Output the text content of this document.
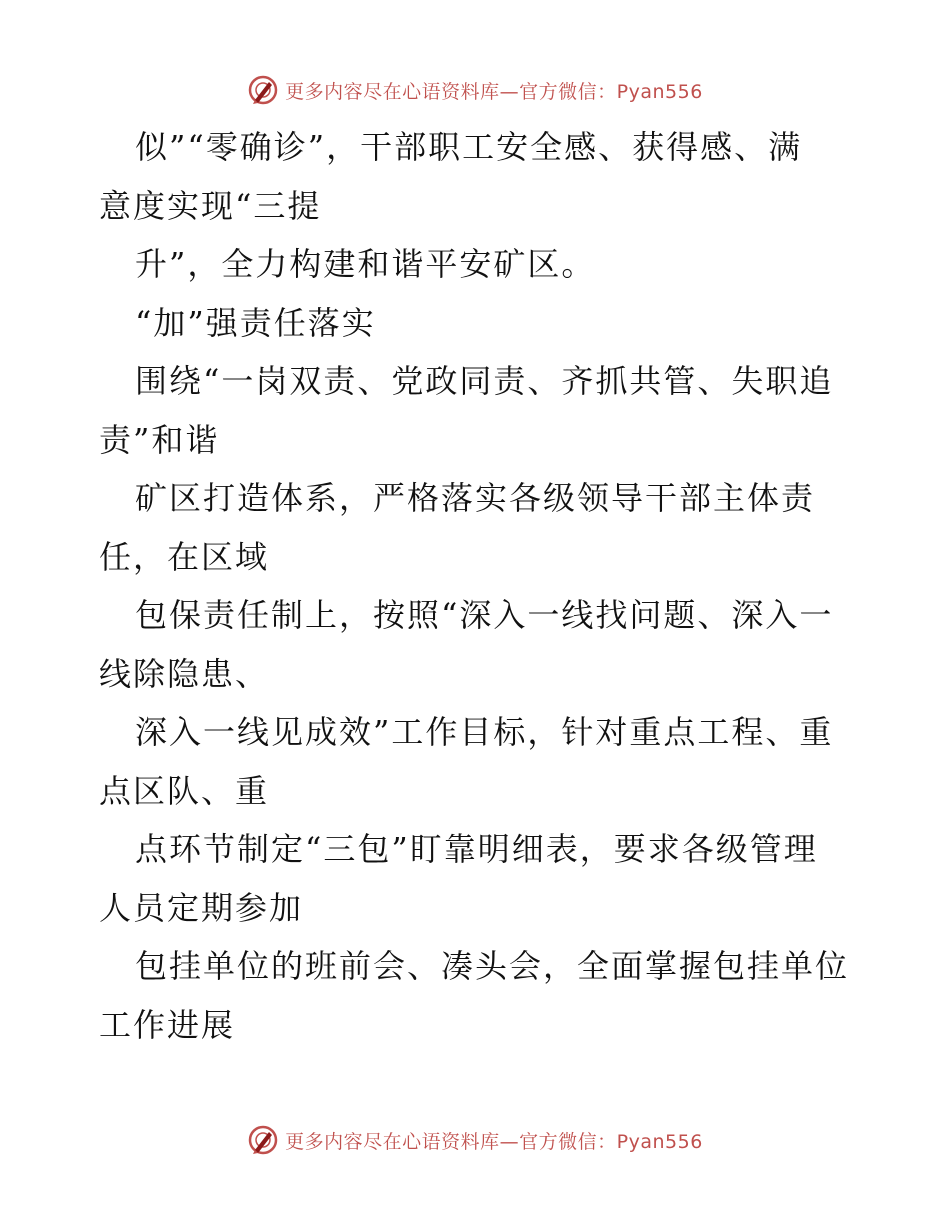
更多内容尽在心语资料库—官方微信：Pyan556
似”“零确诊”，干部职工安全感、获得感、满
意度实现“三提
升”，全力构建和谐平安矿区。
“加”强责任落实
围绕“一岗双责、党政同责、齐抓共管、失职追
责”和谐
矿区打造体系，严格落实各级领导干部主体责
任，在区域
包保责任制上，按照“深入一线找问题、深入一
线除隐患、
深入一线见成效”工作目标，针对重点工程、重
点区队、重
点环节制定“三包”盯靠明细表，要求各级管理
人员定期参加
包挂单位的班前会、凑头会，全面掌握包挂单位
工作进展
更多内容尽在心语资料库—官方微信：Pyan556
